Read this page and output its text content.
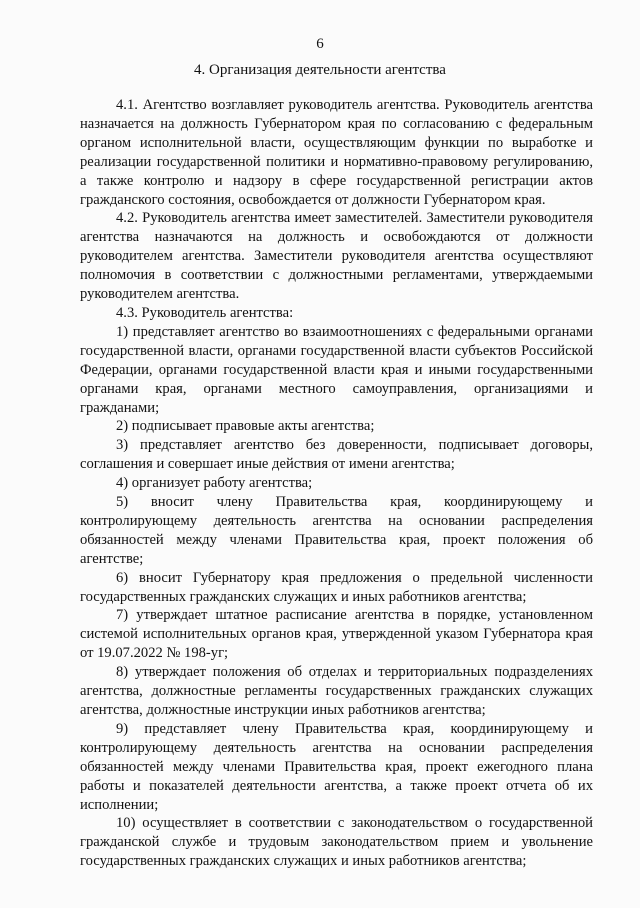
6
4. Организация деятельности агентства

4.1. Агентство возглавляет руководитель агентства. Руководитель агентства назначается на должность Губернатором края по согласованию с федеральным органом исполнительной власти, осуществляющим функции по выработке и реализации государственной политики и нормативно-правовому регулированию, а также контролю и надзору в сфере государственной регистрации актов гражданского состояния, освобождается от должности Губернатором края.

4.2. Руководитель агентства имеет заместителей. Заместители руководителя агентства назначаются на должность и освобождаются от должности руководителем агентства. Заместители руководителя агентства осуществляют полномочия в соответствии с должностными регламентами, утверждаемыми руководителем агентства.

4.3. Руководитель агентства:

1) представляет агентство во взаимоотношениях с федеральными органами государственной власти, органами государственной власти субъектов Российской Федерации, органами государственной власти края и иными государственными органами края, органами местного самоуправления, организациями и гражданами;

2) подписывает правовые акты агентства;

3) представляет агентство без доверенности, подписывает договоры, соглашения и совершает иные действия от имени агентства;

4) организует работу агентства;

5) вносит члену Правительства края, координирующему и контролирующему деятельность агентства на основании распределения обязанностей между членами Правительства края, проект положения об агентстве;

6) вносит Губернатору края предложения о предельной численности государственных гражданских служащих и иных работников агентства;

7) утверждает штатное расписание агентства в порядке, установленном системой исполнительных органов края, утвержденной указом Губернатора края от 19.07.2022 № 198-уг;

8) утверждает положения об отделах и территориальных подразделениях агентства, должностные регламенты государственных гражданских служащих агентства, должностные инструкции иных работников агентства;

9) представляет члену Правительства края, координирующему и контролирующему деятельность агентства на основании распределения обязанностей между членами Правительства края, проект ежегодного плана работы и показателей деятельности агентства, а также проект отчета об их исполнении;

10) осуществляет в соответствии с законодательством о государственной гражданской службе и трудовым законодательством прием и увольнение государственных гражданских служащих и иных работников агентства;
